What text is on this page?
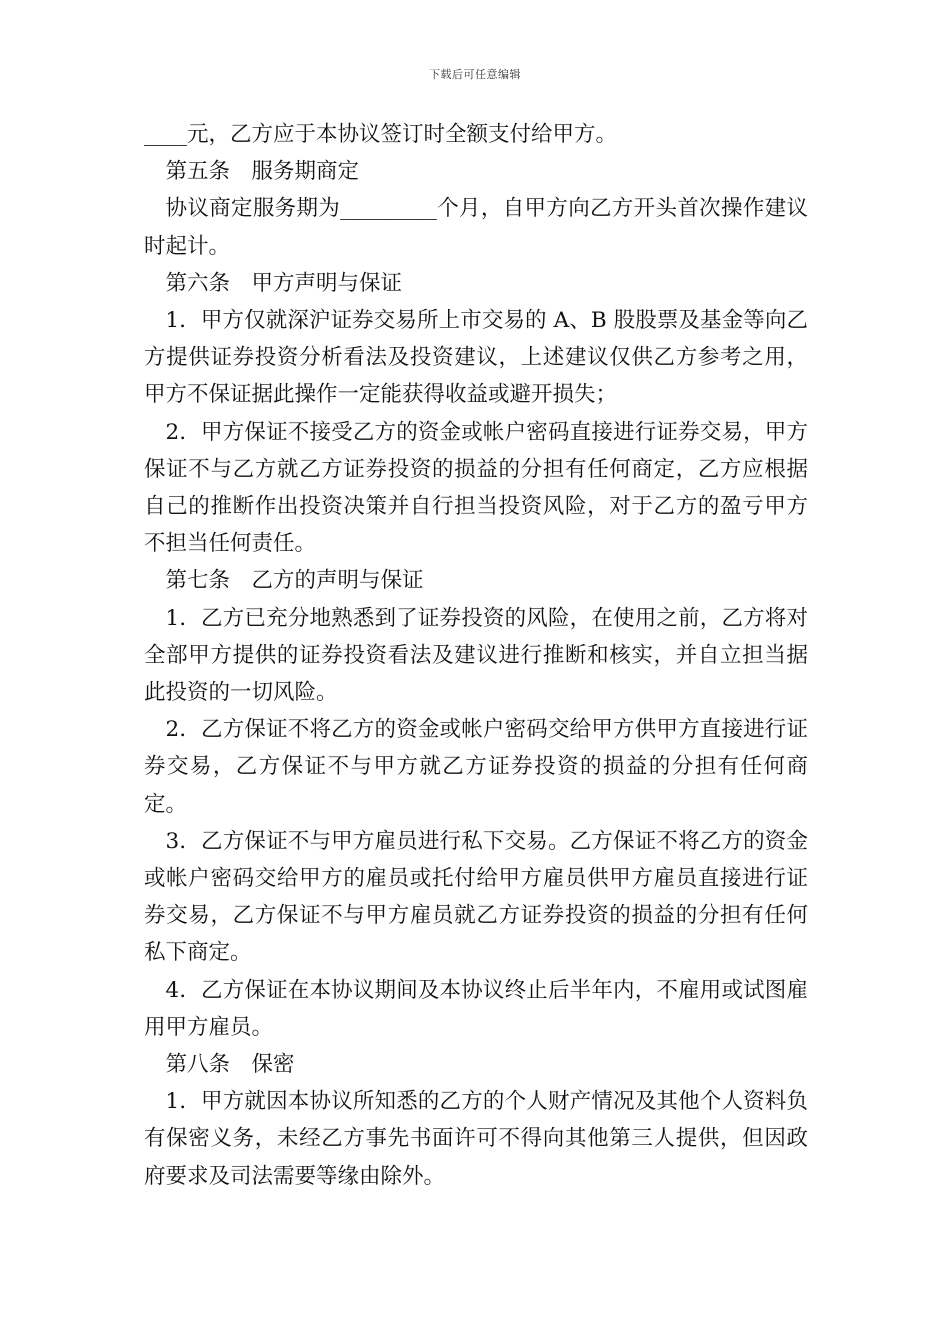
下载后可任意编辑

____元，乙方应于本协议签订时全额支付给甲方。

第五条　服务期商定

协议商定服务期为_________个月，自甲方向乙方开头首次操作建议时起计。

第六条　甲方声明与保证

1．甲方仅就深沪证券交易所上市交易的 A、B 股股票及基金等向乙方提供证券投资分析看法及投资建议，上述建议仅供乙方参考之用，甲方不保证据此操作一定能获得收益或避开损失；

2．甲方保证不接受乙方的资金或帐户密码直接进行证券交易，甲方保证不与乙方就乙方证券投资的损益的分担有任何商定，乙方应根据自己的推断作出投资决策并自行担当投资风险，对于乙方的盈亏甲方不担当任何责任。

第七条　乙方的声明与保证

1．乙方已充分地熟悉到了证券投资的风险，在使用之前，乙方将对全部甲方提供的证券投资看法及建议进行推断和核实，并自立担当据此投资的一切风险。

2．乙方保证不将乙方的资金或帐户密码交给甲方供甲方直接进行证券交易，乙方保证不与甲方就乙方证券投资的损益的分担有任何商定。

3．乙方保证不与甲方雇员进行私下交易。乙方保证不将乙方的资金或帐户密码交给甲方的雇员或托付给甲方雇员供甲方雇员直接进行证券交易，乙方保证不与甲方雇员就乙方证券投资的损益的分担有任何私下商定。

4．乙方保证在本协议期间及本协议终止后半年内，不雇用或试图雇用甲方雇员。

第八条　保密

1．甲方就因本协议所知悉的乙方的个人财产情况及其他个人资料负有保密义务，未经乙方事先书面许可不得向其他第三人提供，但因政府要求及司法需要等缘由除外。
